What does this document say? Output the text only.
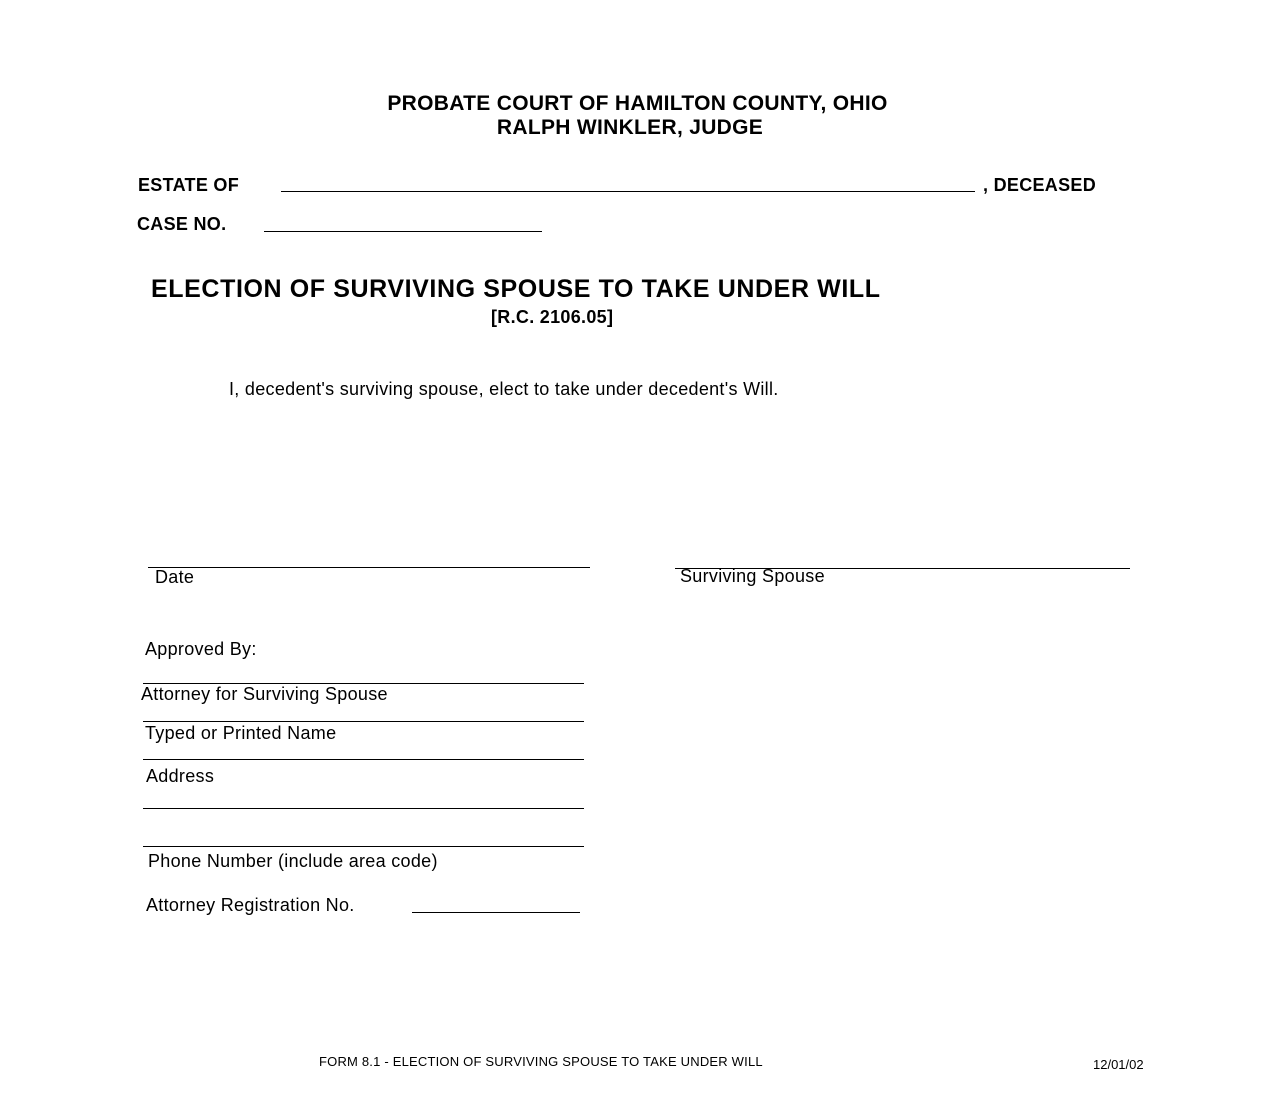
PROBATE COURT OF HAMILTON COUNTY, OHIO
RALPH WINKLER, JUDGE
ESTATE OF	, DECEASED
CASE NO.
ELECTION OF SURVIVING SPOUSE TO TAKE UNDER WILL
[R.C. 2106.05]
I, decedent's surviving spouse, elect to take under decedent's Will.
Date	Surviving Spouse
Approved By:
Attorney for Surviving Spouse
Typed or Printed Name
Address
Phone Number (include area code)
Attorney Registration No.
FORM 8.1 - ELECTION OF SURVIVING SPOUSE TO TAKE UNDER WILL	12/01/02
